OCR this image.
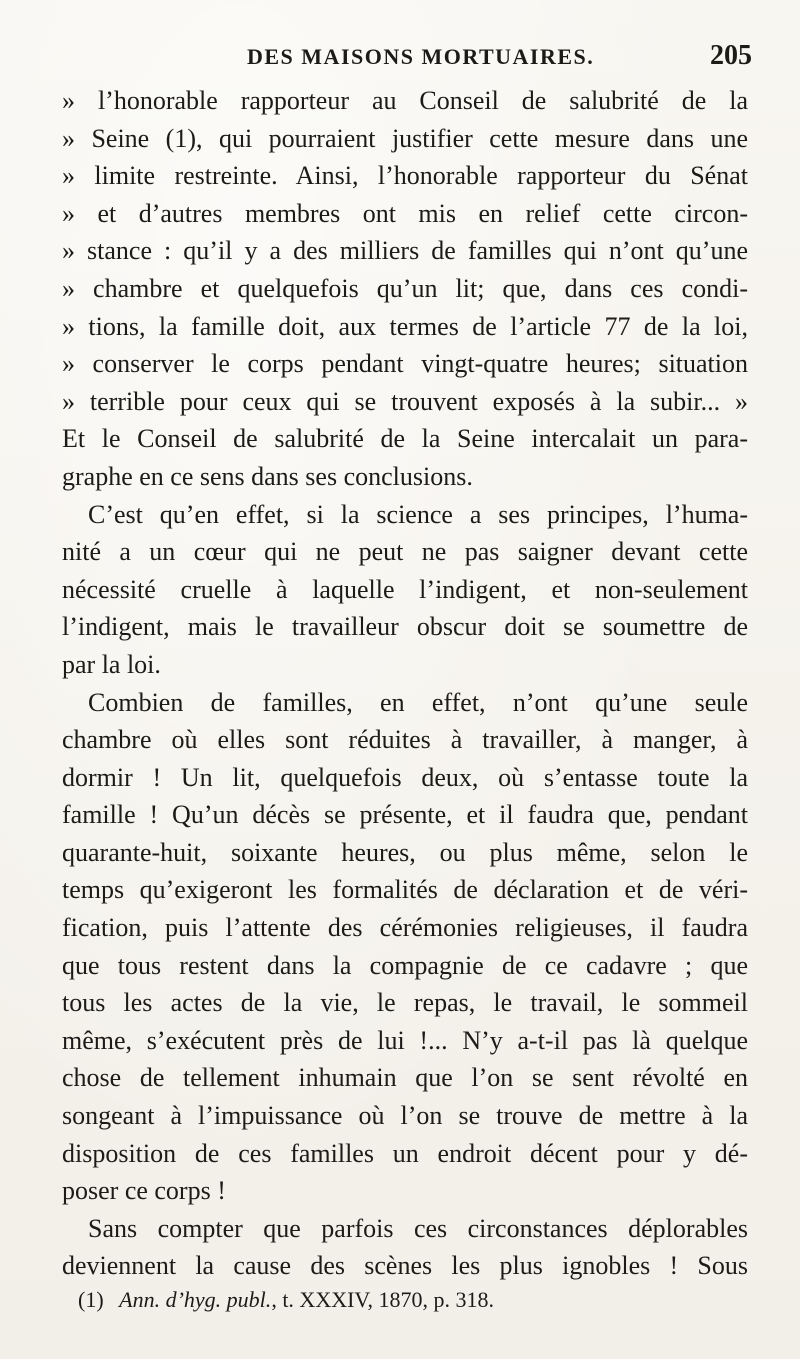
DES MAISONS MORTUAIRES.	205
» l’honorable rapporteur au Conseil de salubrité de la
» Seine (1), qui pourraient justifier cette mesure dans une
» limite restreinte. Ainsi, l’honorable rapporteur du Sénat
» et d’autres membres ont mis en relief cette circon-
» stance : qu’il y a des milliers de familles qui n’ont qu’une
» chambre et quelquefois qu’un lit; que, dans ces condi-
» tions, la famille doit, aux termes de l’article 77 de la loi,
» conserver le corps pendant vingt-quatre heures; situation
» terrible pour ceux qui se trouvent exposés à la subir... »
Et le Conseil de salubrité de la Seine intercalait un para-
graphe en ce sens dans ses conclusions.
C’est qu’en effet, si la science a ses principes, l’huma-
nité a un cœur qui ne peut ne pas saigner devant cette
nécessité cruelle à laquelle l’indigent, et non-seulement
l’indigent, mais le travailleur obscur doit se soumettre de
par la loi.
Combien de familles, en effet, n’ont qu’une seule
chambre où elles sont réduites à travailler, à manger, à
dormir ! Un lit, quelquefois deux, où s’entasse toute la
famille ! Qu’un décès se présente, et il faudra que, pendant
quarante-huit, soixante heures, ou plus même, selon le
temps qu’exigeront les formalités de déclaration et de véri-
fication, puis l’attente des cérémonies religieuses, il faudra
que tous restent dans la compagnie de ce cadavre ; que
tous les actes de la vie, le repas, le travail, le sommeil
même, s’exécutent près de lui !... N’y a-t-il pas là quelque
chose de tellement inhumain que l’on se sent révolté en
songeant à l’impuissance où l’on se trouve de mettre à la
disposition de ces familles un endroit décent pour y dé-
poser ce corps !
Sans compter que parfois ces circonstances déplorables
deviennent la cause des scènes les plus ignobles ! Sous
(1) Ann. d’hyg. publ., t. XXXIV, 1870, p. 318.
